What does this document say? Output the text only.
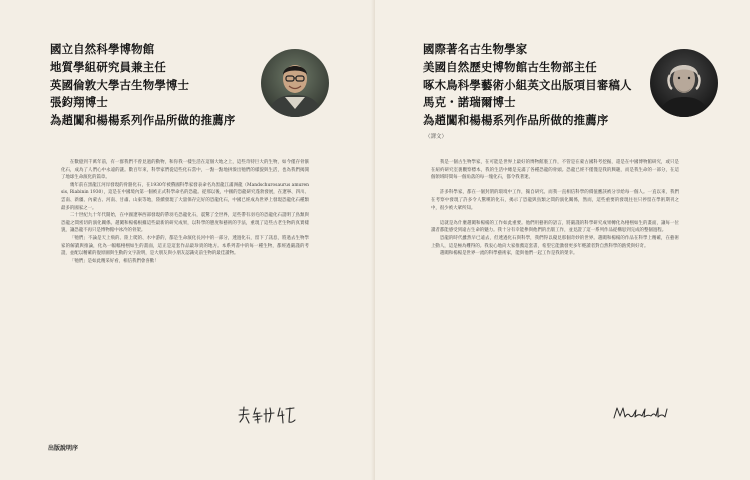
國立自然科學博物館
地質學組研究員兼主任
英國倫敦大學古生物學博士
張鈞翔博士
為趙闖和楊楊系列作品所做的推薦序

在數億到千萬年前，有一群我們不曾見過的動物，和你我一樣生活在這個大地之上，這些奇特巨大的生物，如今僅存骨骸化石，成為了人們心中永遠的謎。數百年來，科學家們從這些化石當中，一點一點地拼湊出牠們的樣貌與生活，也為我們揭開了地球生命演化的篇章。

幾年前在黑龍江河岸發現的骨骼化石，在1930年被俄國科學家發表命名為黑龍江滿洲龍（Mandschurosaurus amurensis, Riabinin 1930），這是在中國境內第一個被正式科學命名的恐龍。從那以後，中國的恐龍研究蓬勃發展，在遼寧、四川、雲南、新疆、內蒙古、河南、甘肅、山東等地，陸續發現了大量保存完好的恐龍化石，中國已經成為世界上發現恐龍化石種類最多的國家之一。

二十世紀九十年代開始，在中國遼寧西部發現的帶羽毛恐龍化石，震驚了全世界，這些帶有羽毛的恐龍化石證明了鳥類與恐龍之間密切的演化關係。趙闖和楊楊根據這些最新的研究成果，以科學的態度和藝術的手法，重現了這些古老生物的真實樣貌，讓恐龍不再只是博物館中冰冷的骨架。

「牠們」不論是天上飛的、陸上爬的、水中游的，都是生命演化長河中的一部分，透過化石，留下了訊息，將過去生物學家的解讀與推論，化為一幅幅栩栩如生的畫面，這正是這套作品最珍貴的地方。本系列書中的每一種生物，都經過嚴謹的考證，並配以精確的復原圖與生動的文字說明，是大朋友與小朋友認識史前生物的最佳讀物。

「牠們」是如此精采好看，相信我們會喜歡！

出版說明序
國際著名古生物學家
美國自然歷史博物館古生物部主任
啄木鳥科學藝術小組英文出版項目審稿人
馬克・諾瑞爾博士
為趙闖和楊楊系列作品所做的推薦序
（譯文）

我是一個古生物學家，在可能是世界上最好的博物館裏工作，不管是在蒙古國科考挖掘，還是在中國博物館研究，或只是在紐約研究室裏觀察標本，我的生活中總是充滿了各種恐龍的骨頭。恐龍已經不僅僅是我的興趣，而是我生命的一部分，在這個領域時間每一個角落的每一塊化石，都令我著迷。

許多科學家，都在一個封閉的環境中工作，獨自研究。而我一直相信科學的價值應該被分享給每一個人。一直以來，我們在考察中發現了許多令人驚嘆的化石，揭示了恐龍與鳥類之間的演化關係，然而，這些重要的發現往往只停留在學術期刊之中，很少被大眾所知。

這就是為什麼趙闖和楊楊的工作如此重要。他們用藝術的語言，將嚴謹的科學研究成果轉化為栩栩如生的畫面，讓每一位讀者都能感受到遠古生命的魅力。我十分有幸能參與他們的出版工作，並見證了這一系列作品從構思到完成的整個過程。

恐龍的時代雖然早已遠去，但透過化石與科學，我們得以窺見那個奇妙的世界。趙闖和楊楊的作品在科學上精確，在藝術上動人，這是極為難得的。我衷心地向大家推薦這套書，希望它能激發更多年輕讀者對自然科學的熱愛與好奇。

趙闖和楊楊是世界一流的科學藝術家，能與他們一起工作是我的榮幸。
